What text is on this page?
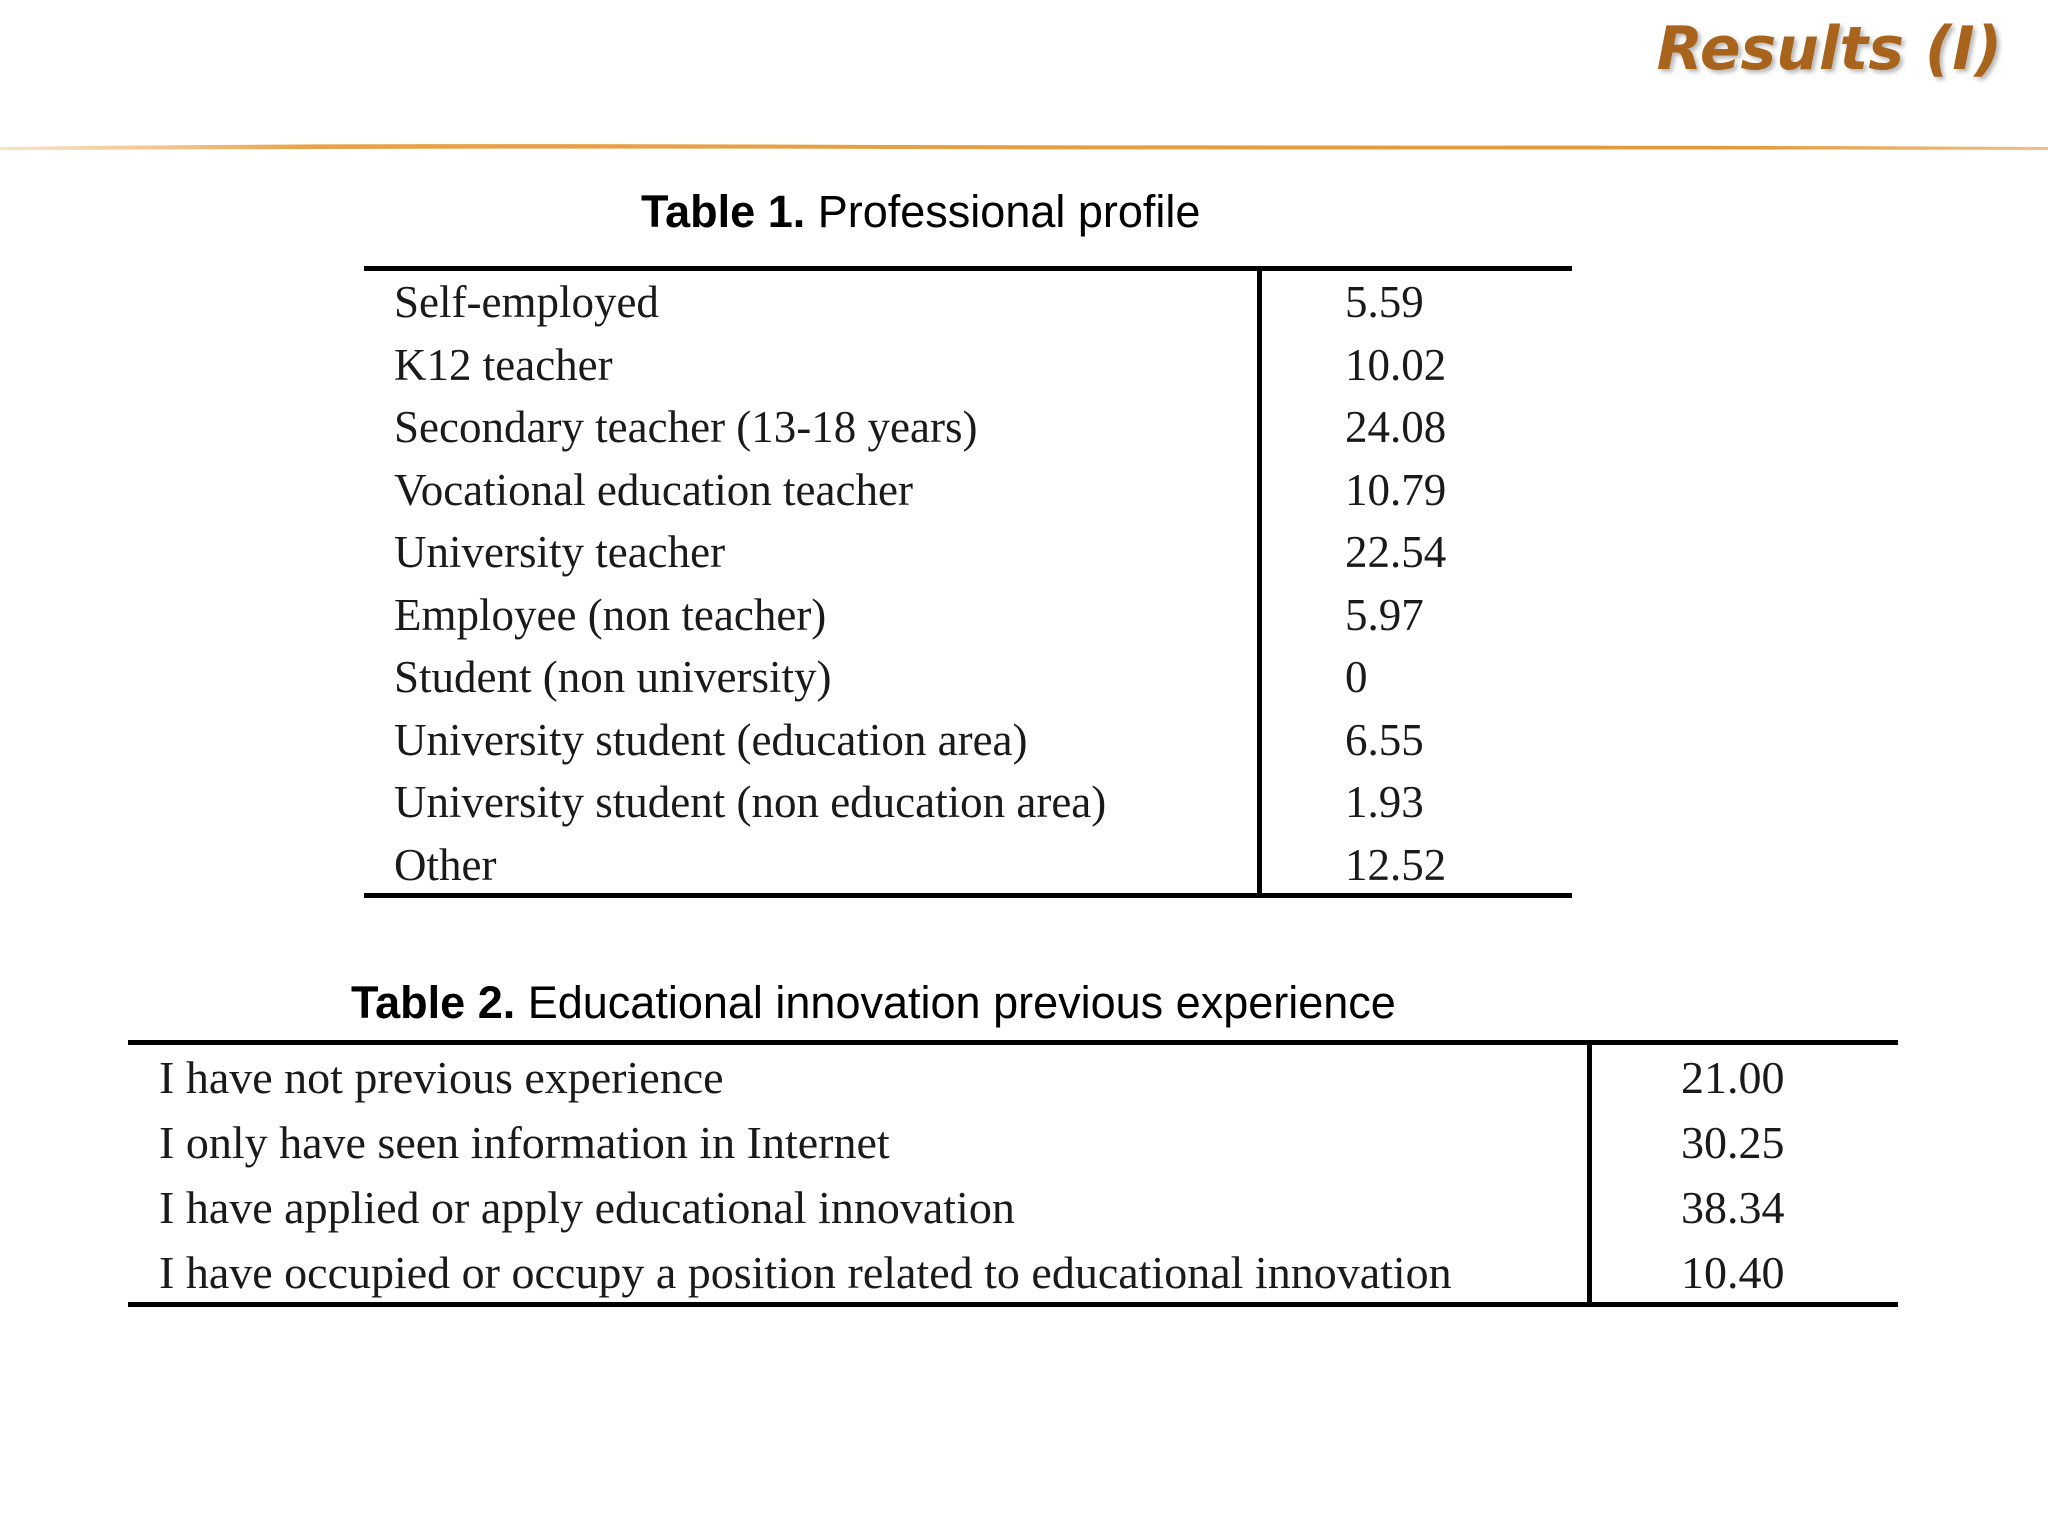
Results (I)
Table 1. Professional profile
Self-employed	5.59
K12 teacher	10.02
Secondary teacher (13-18 years)	24.08
Vocational education teacher	10.79
University teacher	22.54
Employee (non teacher)	5.97
Student (non university)	0
University student (education area)	6.55
University student (non education area)	1.93
Other	12.52
Table 2. Educational innovation previous experience
I have not previous experience	21.00
I only have seen information in Internet	30.25
I have applied or apply educational innovation	38.34
I have occupied or occupy a position related to educational innovation	10.40
